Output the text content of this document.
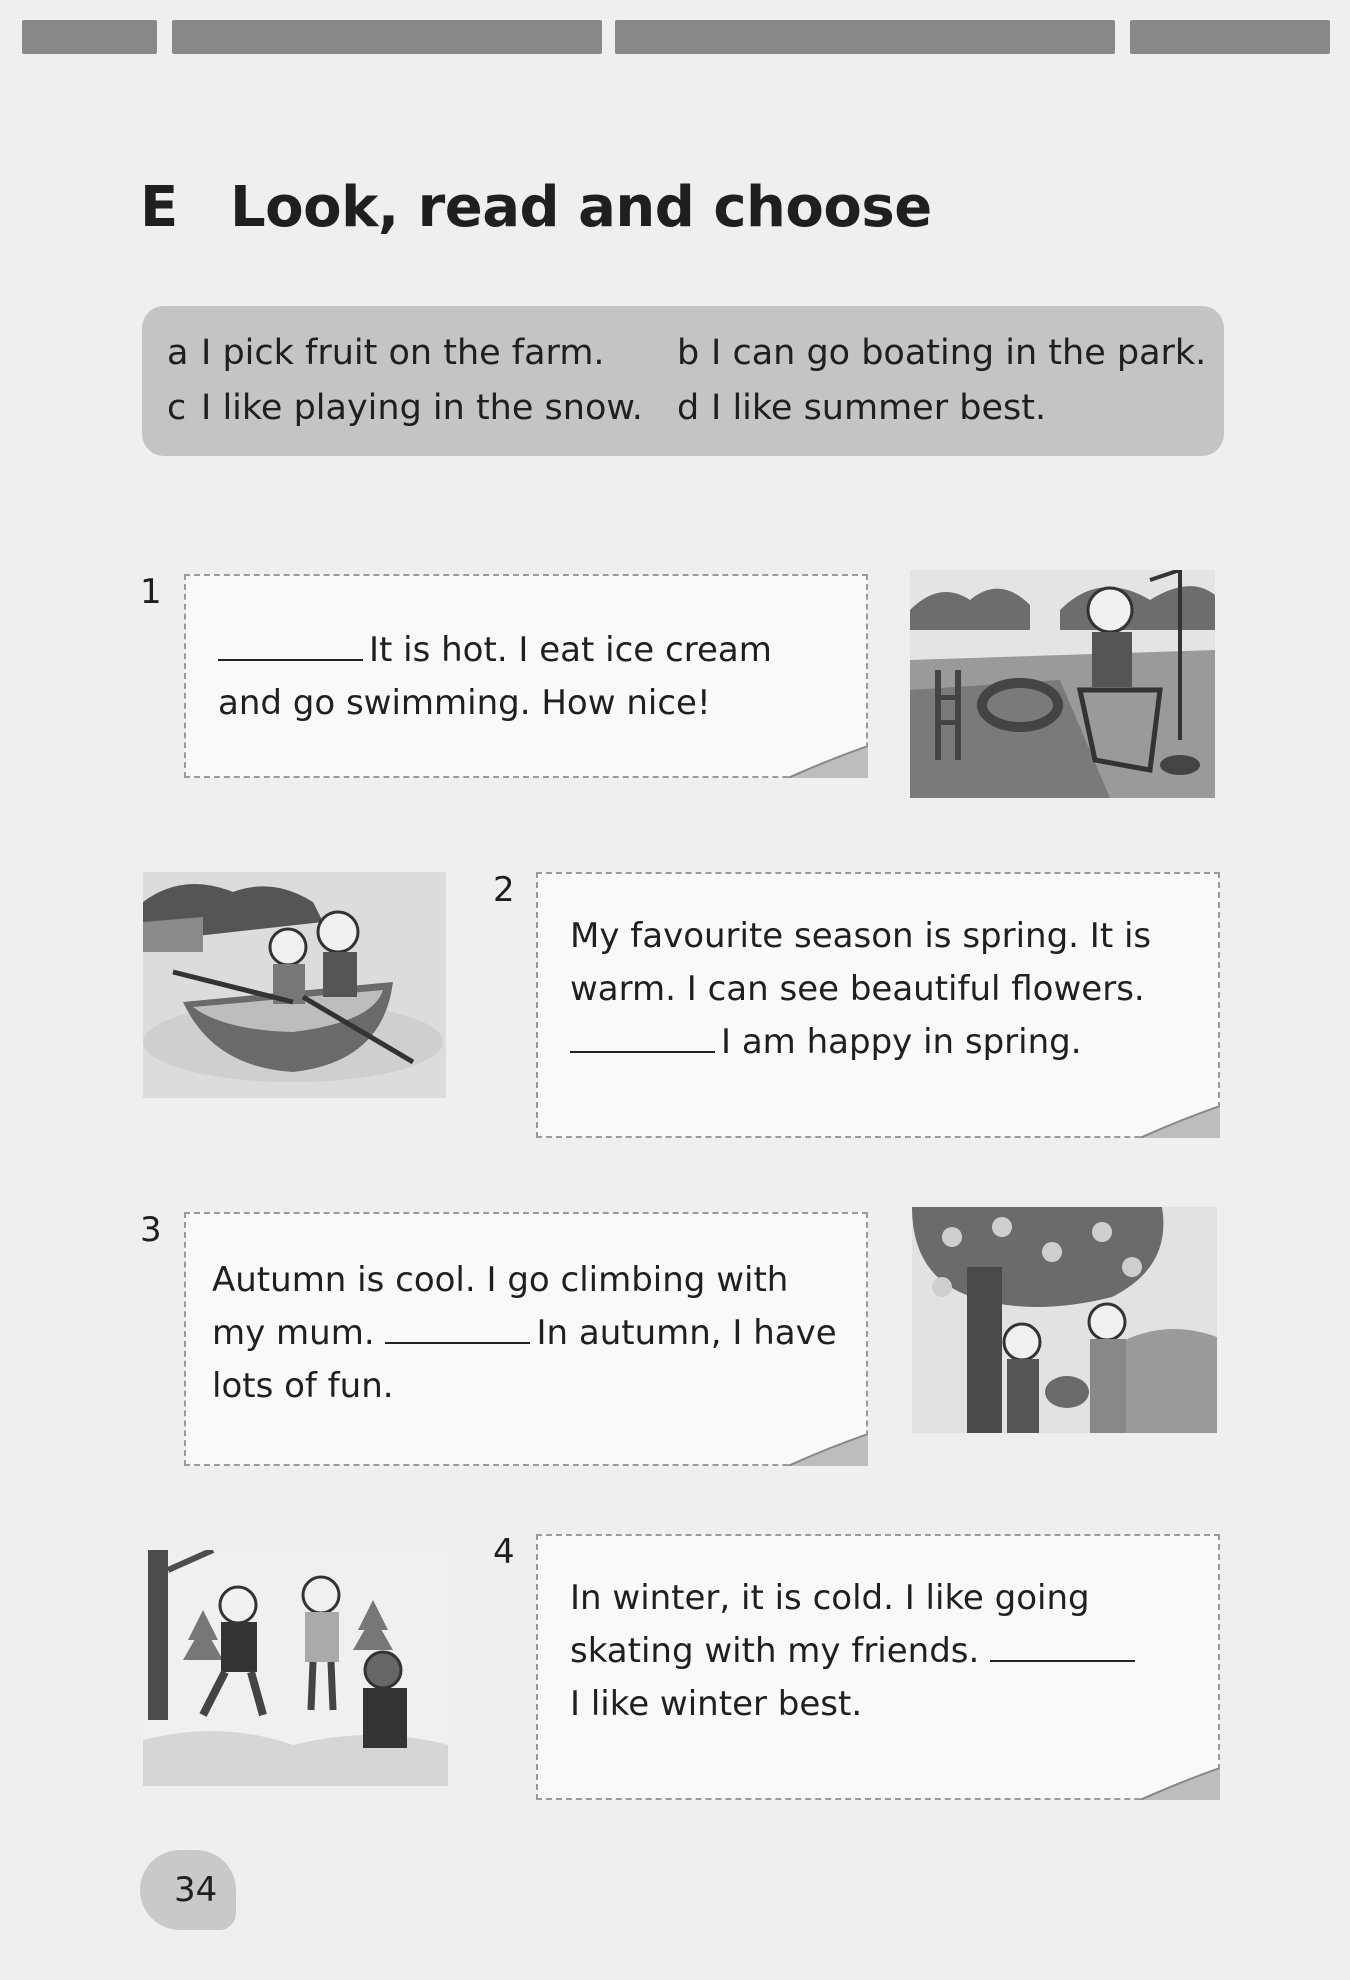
E Look, read and choose
a I pick fruit on the farm. b I can go boating in the park.
c I like playing in the snow. d I like summer best.
1
It is hot. I eat ice cream
and go swimming. How nice!
2
My favourite season is spring. It is
warm. I can see beautiful flowers.
I am happy in spring.
3
Autumn is cool. I go climbing with
my mum.	In autumn, I have
lots of fun.
4
In winter, it is cold. I like going
skating with my friends.
I like winter best.
34
